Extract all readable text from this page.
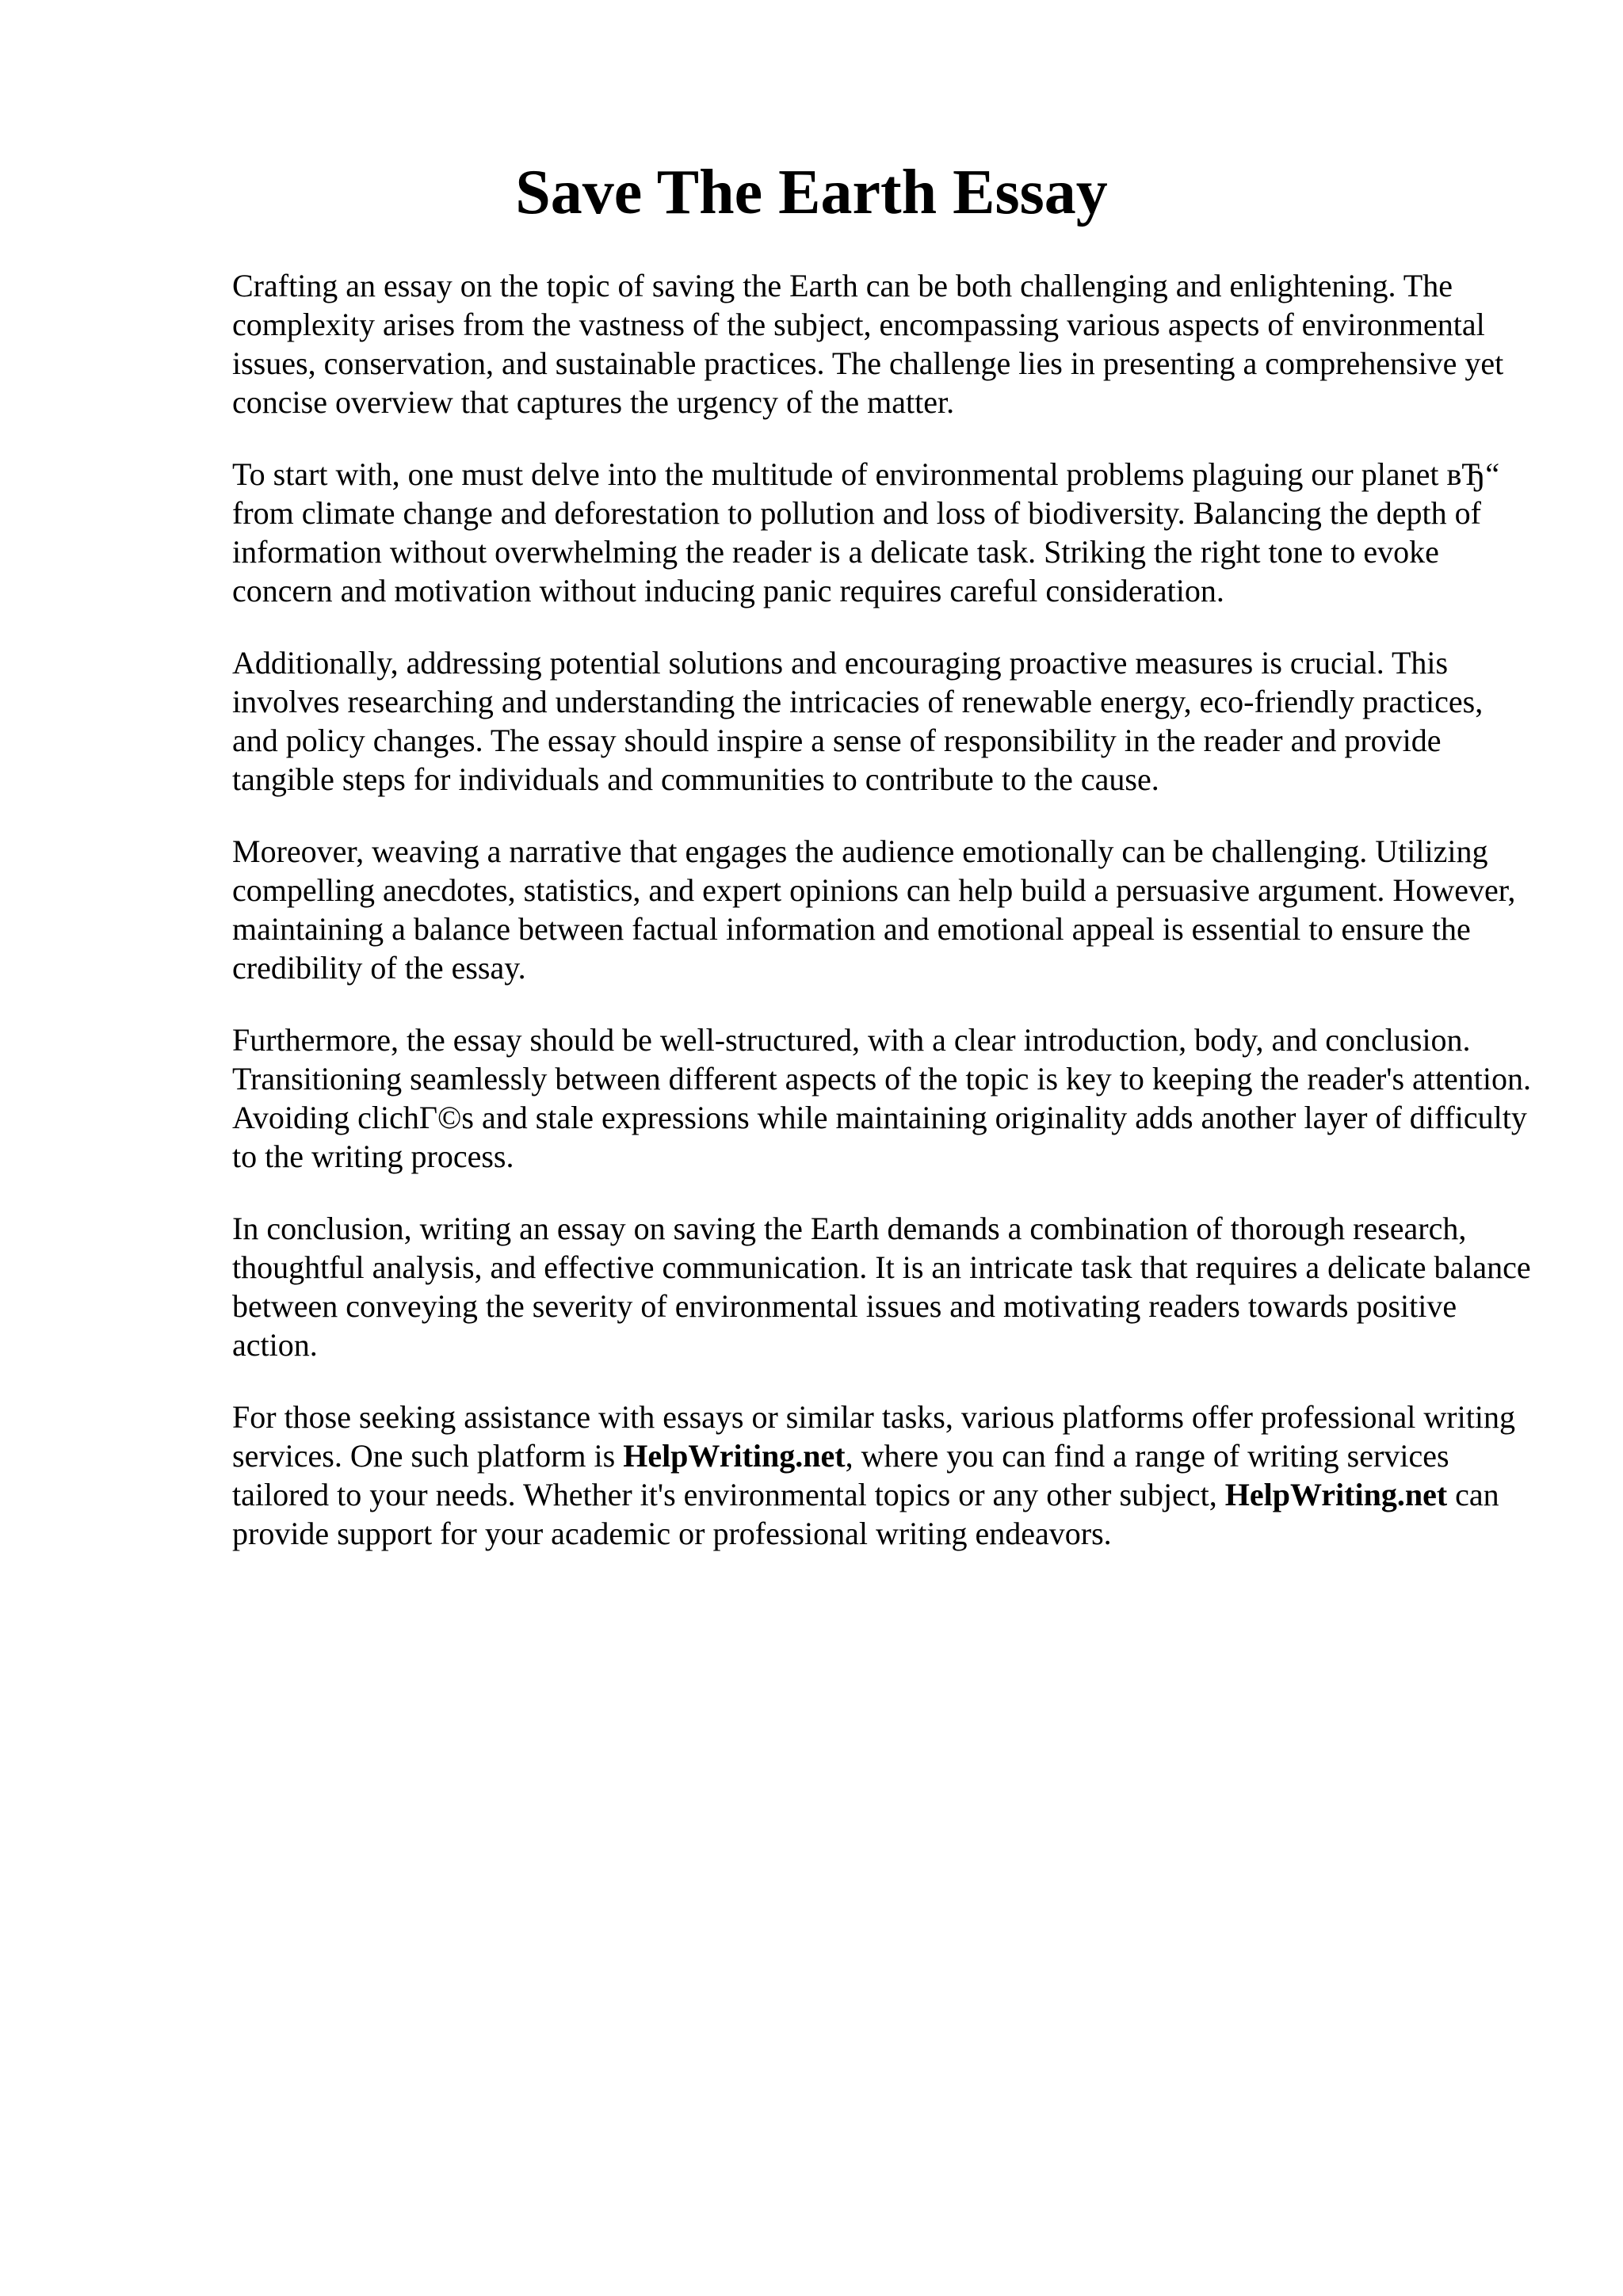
Save The Earth Essay

Crafting an essay on the topic of saving the Earth can be both challenging and enlightening. The complexity arises from the vastness of the subject, encompassing various aspects of environmental issues, conservation, and sustainable practices. The challenge lies in presenting a comprehensive yet concise overview that captures the urgency of the matter.

To start with, one must delve into the multitude of environmental problems plaguing our planet вЂ“ from climate change and deforestation to pollution and loss of biodiversity. Balancing the depth of information without overwhelming the reader is a delicate task. Striking the right tone to evoke concern and motivation without inducing panic requires careful consideration.

Additionally, addressing potential solutions and encouraging proactive measures is crucial. This involves researching and understanding the intricacies of renewable energy, eco-friendly practices, and policy changes. The essay should inspire a sense of responsibility in the reader and provide tangible steps for individuals and communities to contribute to the cause.

Moreover, weaving a narrative that engages the audience emotionally can be challenging. Utilizing compelling anecdotes, statistics, and expert opinions can help build a persuasive argument. However, maintaining a balance between factual information and emotional appeal is essential to ensure the credibility of the essay.

Furthermore, the essay should be well-structured, with a clear introduction, body, and conclusion. Transitioning seamlessly between different aspects of the topic is key to keeping the reader's attention. Avoiding clichГ©s and stale expressions while maintaining originality adds another layer of difficulty to the writing process.

In conclusion, writing an essay on saving the Earth demands a combination of thorough research, thoughtful analysis, and effective communication. It is an intricate task that requires a delicate balance between conveying the severity of environmental issues and motivating readers towards positive action.

For those seeking assistance with essays or similar tasks, various platforms offer professional writing services. One such platform is HelpWriting.net, where you can find a range of writing services tailored to your needs. Whether it's environmental topics or any other subject, HelpWriting.net can provide support for your academic or professional writing endeavors.
